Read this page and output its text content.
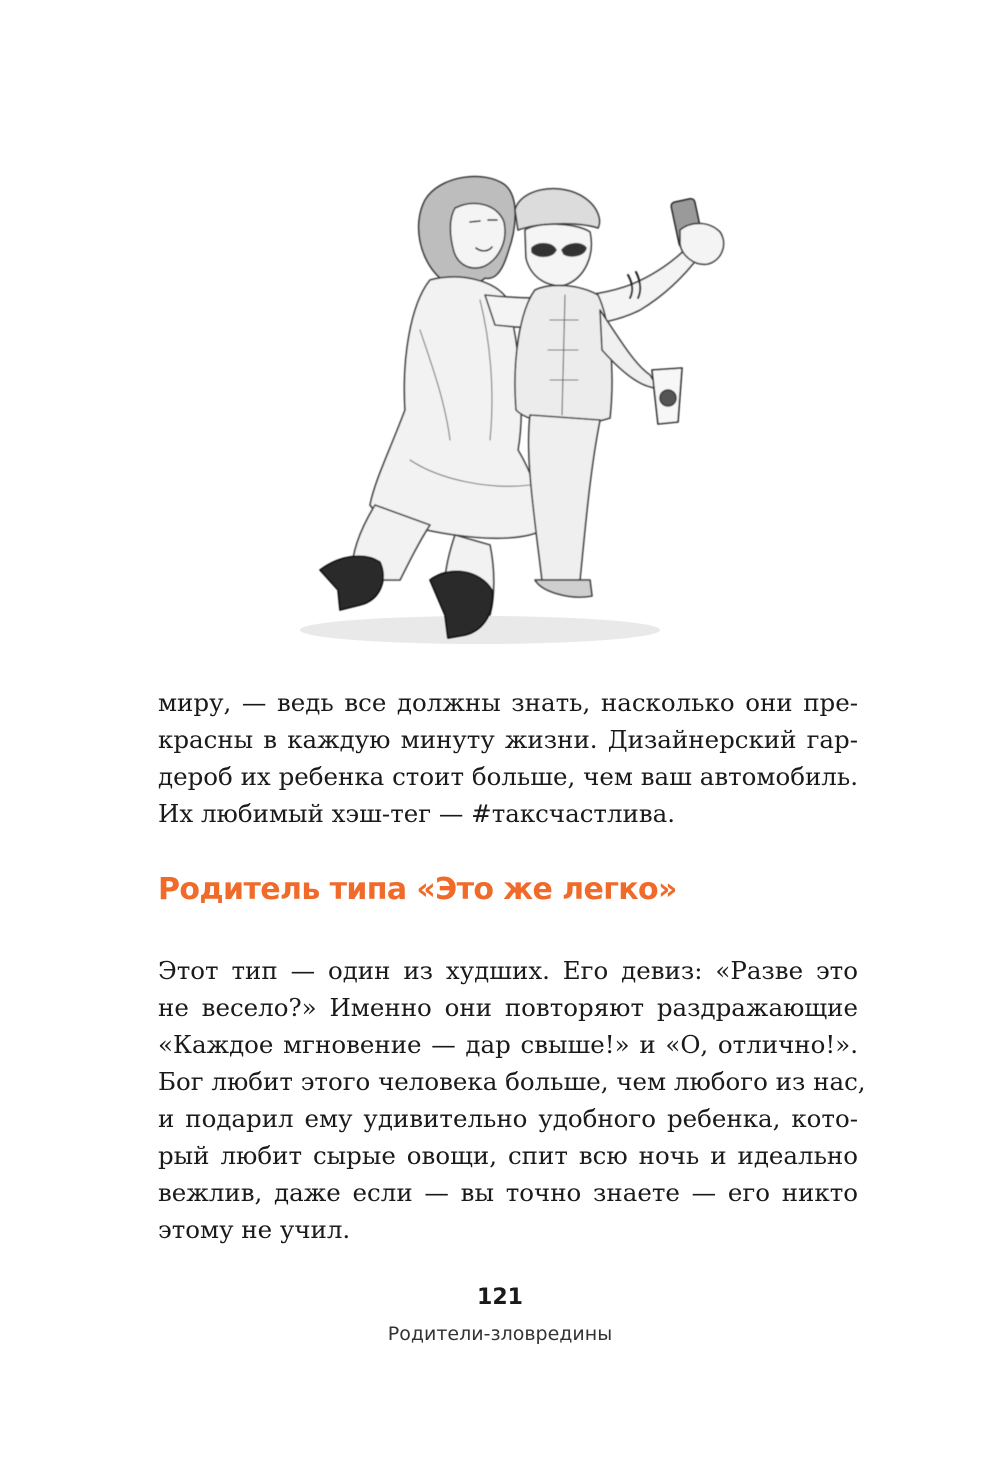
миру, — ведь все должны знать, насколько они пре-
красны в каждую минуту жизни. Дизайнерский гар-
дероб их ребенка стоит больше, чем ваш автомобиль.
Их любимый хэш-тег — #таксчастлива.
Родитель типа «Это же легко»
Этот тип — один из худших. Его девиз: «Разве это
не весело?» Именно они повторяют раздражающие
«Каждое мгновение — дар свыше!» и «О, отлично!».
Бог любит этого человека больше, чем любого из нас,
и подарил ему удивительно удобного ребенка, кото-
рый любит сырые овощи, спит всю ночь и идеально
вежлив, даже если — вы точно знаете — его никто
этому не учил.
121
Родители-зловредины
